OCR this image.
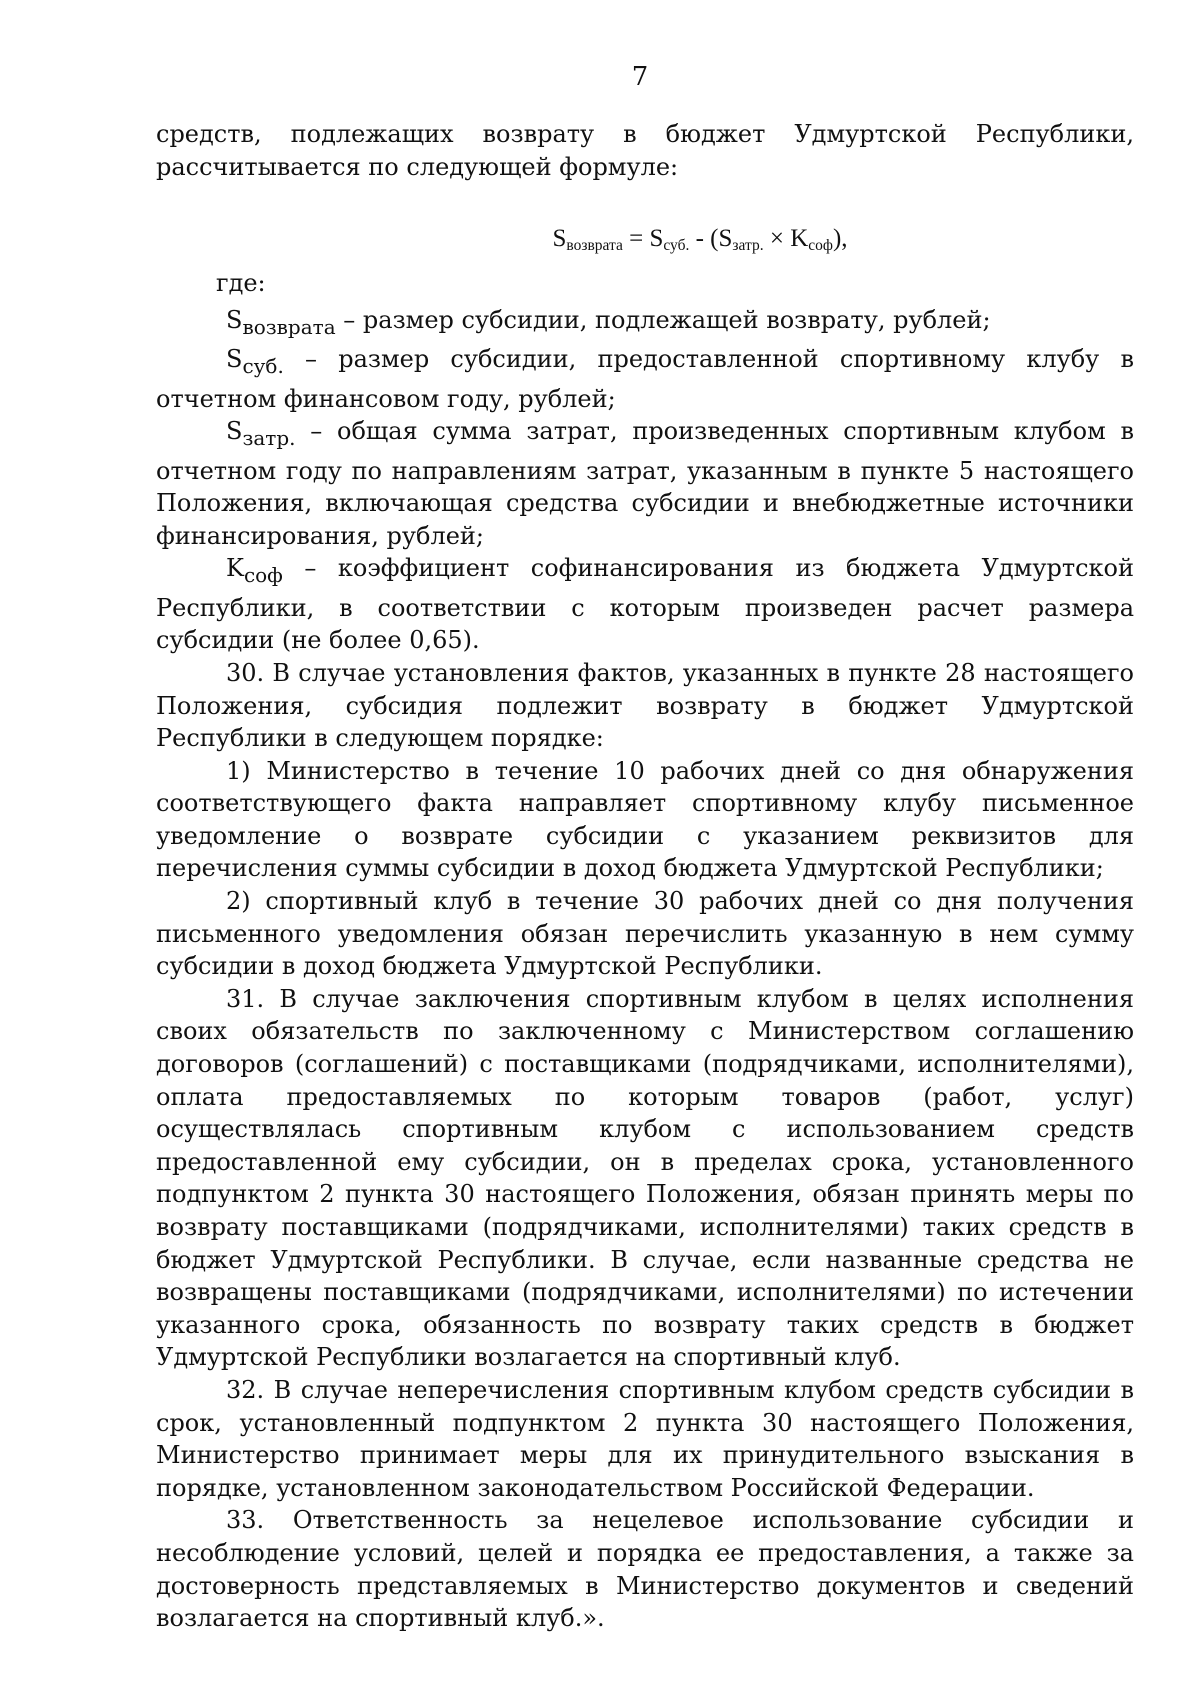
7

средств, подлежащих возврату в бюджет Удмуртской Республики, рассчитывается по следующей формуле:

$S_{возврата} = S_{суб.} - (S_{затр.} \times K_{соф})$,

где:

$S_{возврата}$ – размер субсидии, подлежащей возврату, рублей;

$S_{суб.}$ – размер субсидии, предоставленной спортивному клубу в отчетном финансовом году, рублей;

$S_{затр.}$ – общая сумма затрат, произведенных спортивным клубом в отчетном году по направлениям затрат, указанным в пункте 5 настоящего Положения, включающая средства субсидии и внебюджетные источники финансирования, рублей;

$K_{соф}$ – коэффициент софинансирования из бюджета Удмуртской Республики, в соответствии с которым произведен расчет размера субсидии (не более 0,65).

30. В случае установления фактов, указанных в пункте 28 настоящего Положения, субсидия подлежит возврату в бюджет Удмуртской Республики в следующем порядке:

1) Министерство в течение 10 рабочих дней со дня обнаружения соответствующего факта направляет спортивному клубу письменное уведомление о возврате субсидии с указанием реквизитов для перечисления суммы субсидии в доход бюджета Удмуртской Республики;

2) спортивный клуб в течение 30 рабочих дней со дня получения письменного уведомления обязан перечислить указанную в нем сумму субсидии в доход бюджета Удмуртской Республики.

31. В случае заключения спортивным клубом в целях исполнения своих обязательств по заключенному с Министерством соглашению договоров (соглашений) с поставщиками (подрядчиками, исполнителями), оплата предоставляемых по которым товаров (работ, услуг) осуществлялась спортивным клубом с использованием средств предоставленной ему субсидии, он в пределах срока, установленного подпунктом 2 пункта 30 настоящего Положения, обязан принять меры по возврату поставщиками (подрядчиками, исполнителями) таких средств в бюджет Удмуртской Республики. В случае, если названные средства не возвращены поставщиками (подрядчиками, исполнителями) по истечении указанного срока, обязанность по возврату таких средств в бюджет Удмуртской Республики возлагается на спортивный клуб.

32. В случае неперечисления спортивным клубом средств субсидии в срок, установленный подпунктом 2 пункта 30 настоящего Положения, Министерство принимает меры для их принудительного взыскания в порядке, установленном законодательством Российской Федерации.

33. Ответственность за нецелевое использование субсидии и несоблюдение условий, целей и порядка ее предоставления, а также за достоверность представляемых в Министерство документов и сведений возлагается на спортивный клуб.».
